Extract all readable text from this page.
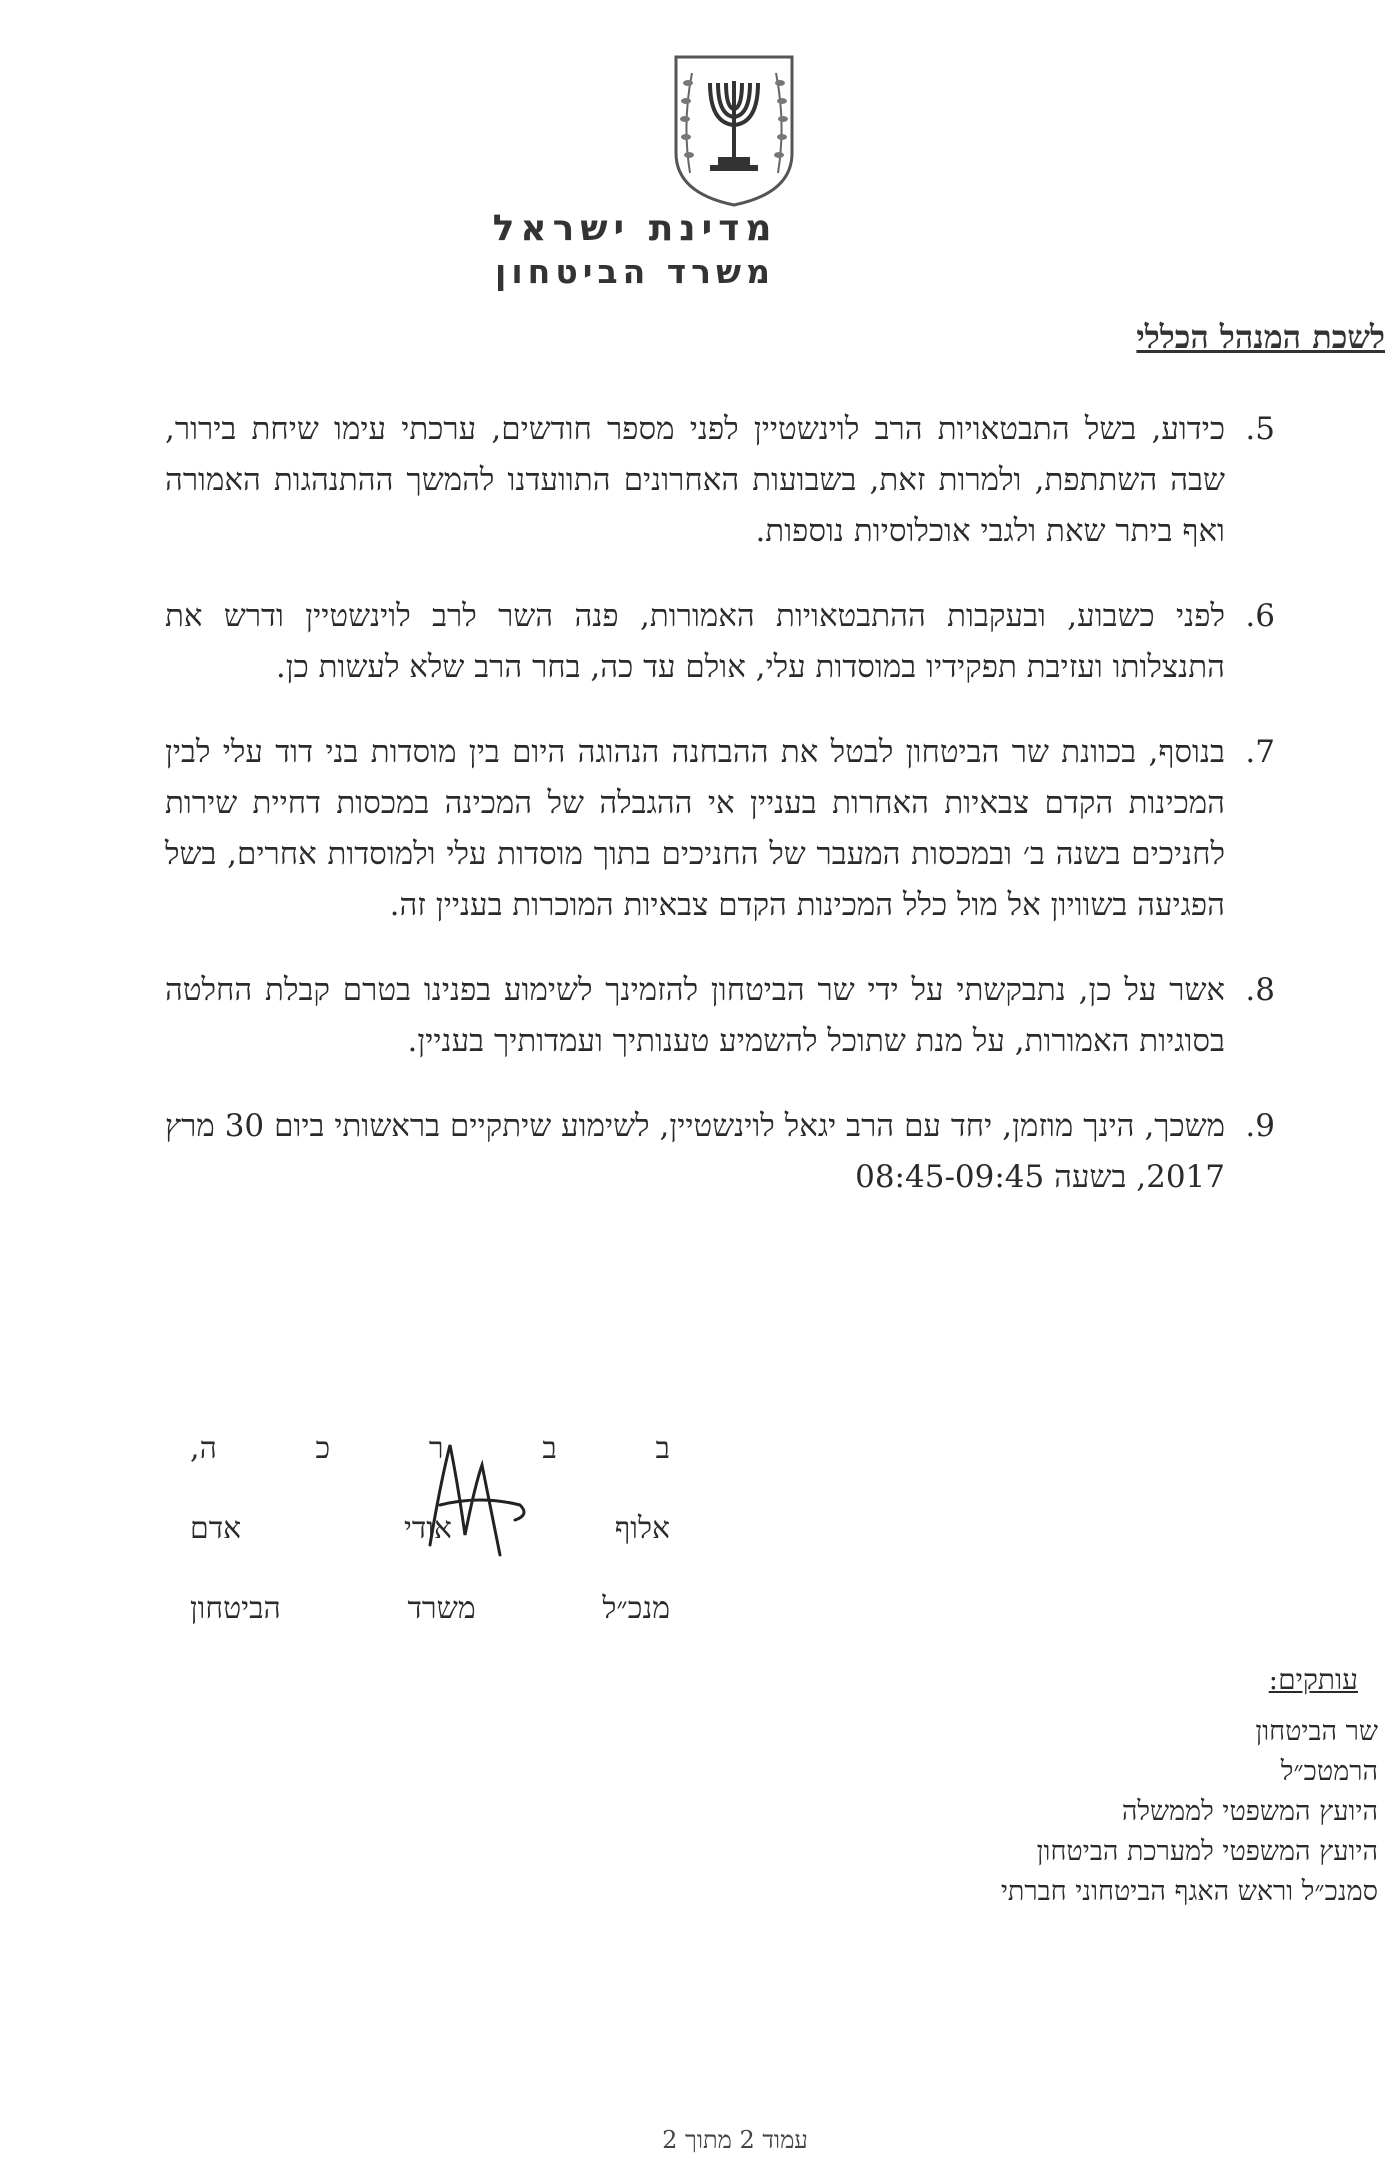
מדינת ישראל
משרד הביטחון
לשכת המנהל הכללי
5.
כידוע, בשל התבטאויות הרב לוינשטיין לפני מספר חודשים, ערכתי עימו שיחת בירור, שבה השתתפת, ולמרות זאת, בשבועות האחרונים התוועדנו להמשך ההתנהגות האמורה ואף ביתר שאת ולגבי אוכלוסיות נוספות.
6.
לפני כשבוע, ובעקבות ההתבטאויות האמורות, פנה השר לרב לוינשטיין ודרש את התנצלותו ועזיבת תפקידיו במוסדות עלי, אולם עד כה, בחר הרב שלא לעשות כן.
7.
בנוסף, בכוונת שר הביטחון לבטל את ההבחנה הנהוגה היום בין מוסדות בני דוד עלי לבין המכינות הקדם צבאיות האחרות בעניין אי ההגבלה של המכינה במכסות דחיית שירות לחניכים בשנה ב׳ ובמכסות המעבר של החניכים בתוך מוסדות עלי ולמוסדות אחרים, בשל הפגיעה בשוויון אל מול כלל המכינות הקדם צבאיות המוכרות בעניין זה.
8.
אשר על כן, נתבקשתי על ידי שר הביטחון להזמינך לשימוע בפנינו בטרם קבלת החלטה בסוגיות האמורות, על מנת שתוכל להשמיע טענותיך ועמדותיך בעניין.
9.
משכך, הינך מוזמן, יחד עם הרב יגאל לוינשטיין, לשימוע שיתקיים בראשותי ביום 30 מרץ 2017, בשעה 08:45-09:45
ב
ב
ר
כ
ה,
אלוף
אודי
אדם
מנכ״ל
משרד
הביטחון
עותקים:
שר הביטחון
הרמטכ״ל
היועץ המשפטי לממשלה
היועץ המשפטי למערכת הביטחון
סמנכ״ל וראש האגף הביטחוני חברתי
עמוד 2 מתוך 2
